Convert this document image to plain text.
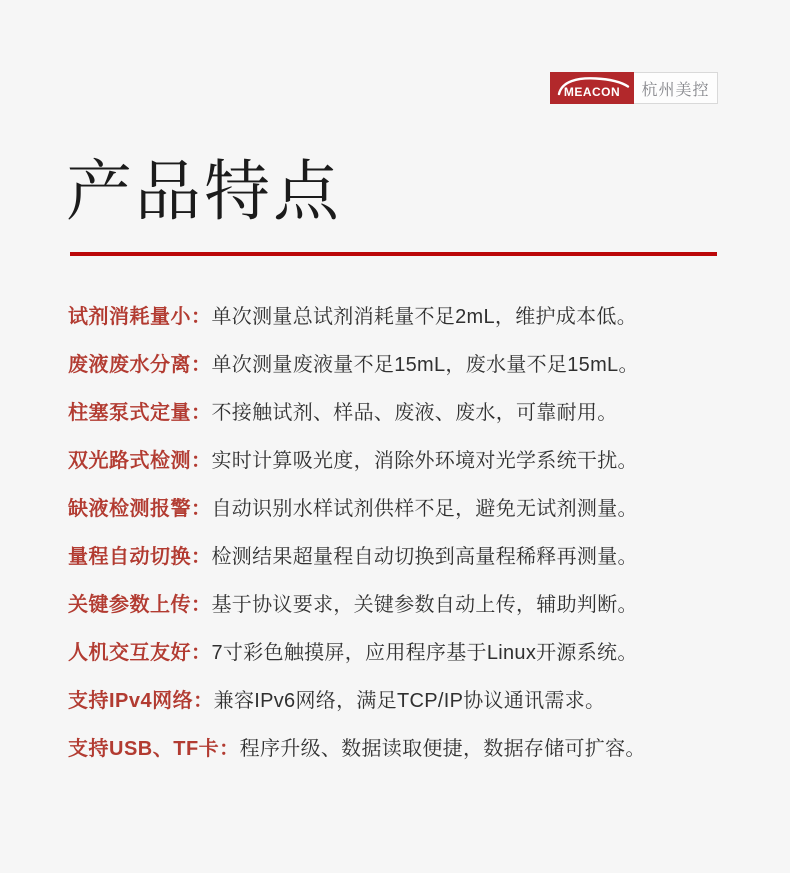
MEACON	杭州美控
产品特点
试剂消耗量小：单次测量总试剂消耗量不足2mL，维护成本低。
废液废水分离：单次测量废液量不足15mL，废水量不足15mL。
柱塞泵式定量：不接触试剂、样品、废液、废水，可靠耐用。
双光路式检测：实时计算吸光度，消除外环境对光学系统干扰。
缺液检测报警：自动识别水样试剂供样不足，避免无试剂测量。
量程自动切换：检测结果超量程自动切换到高量程稀释再测量。
关键参数上传：基于协议要求，关键参数自动上传，辅助判断。
人机交互友好：7寸彩色触摸屏，应用程序基于Linux开源系统。
支持IPv4网络：兼容IPv6网络，满足TCP/IP协议通讯需求。
支持USB、TF卡：程序升级、数据读取便捷，数据存储可扩容。
